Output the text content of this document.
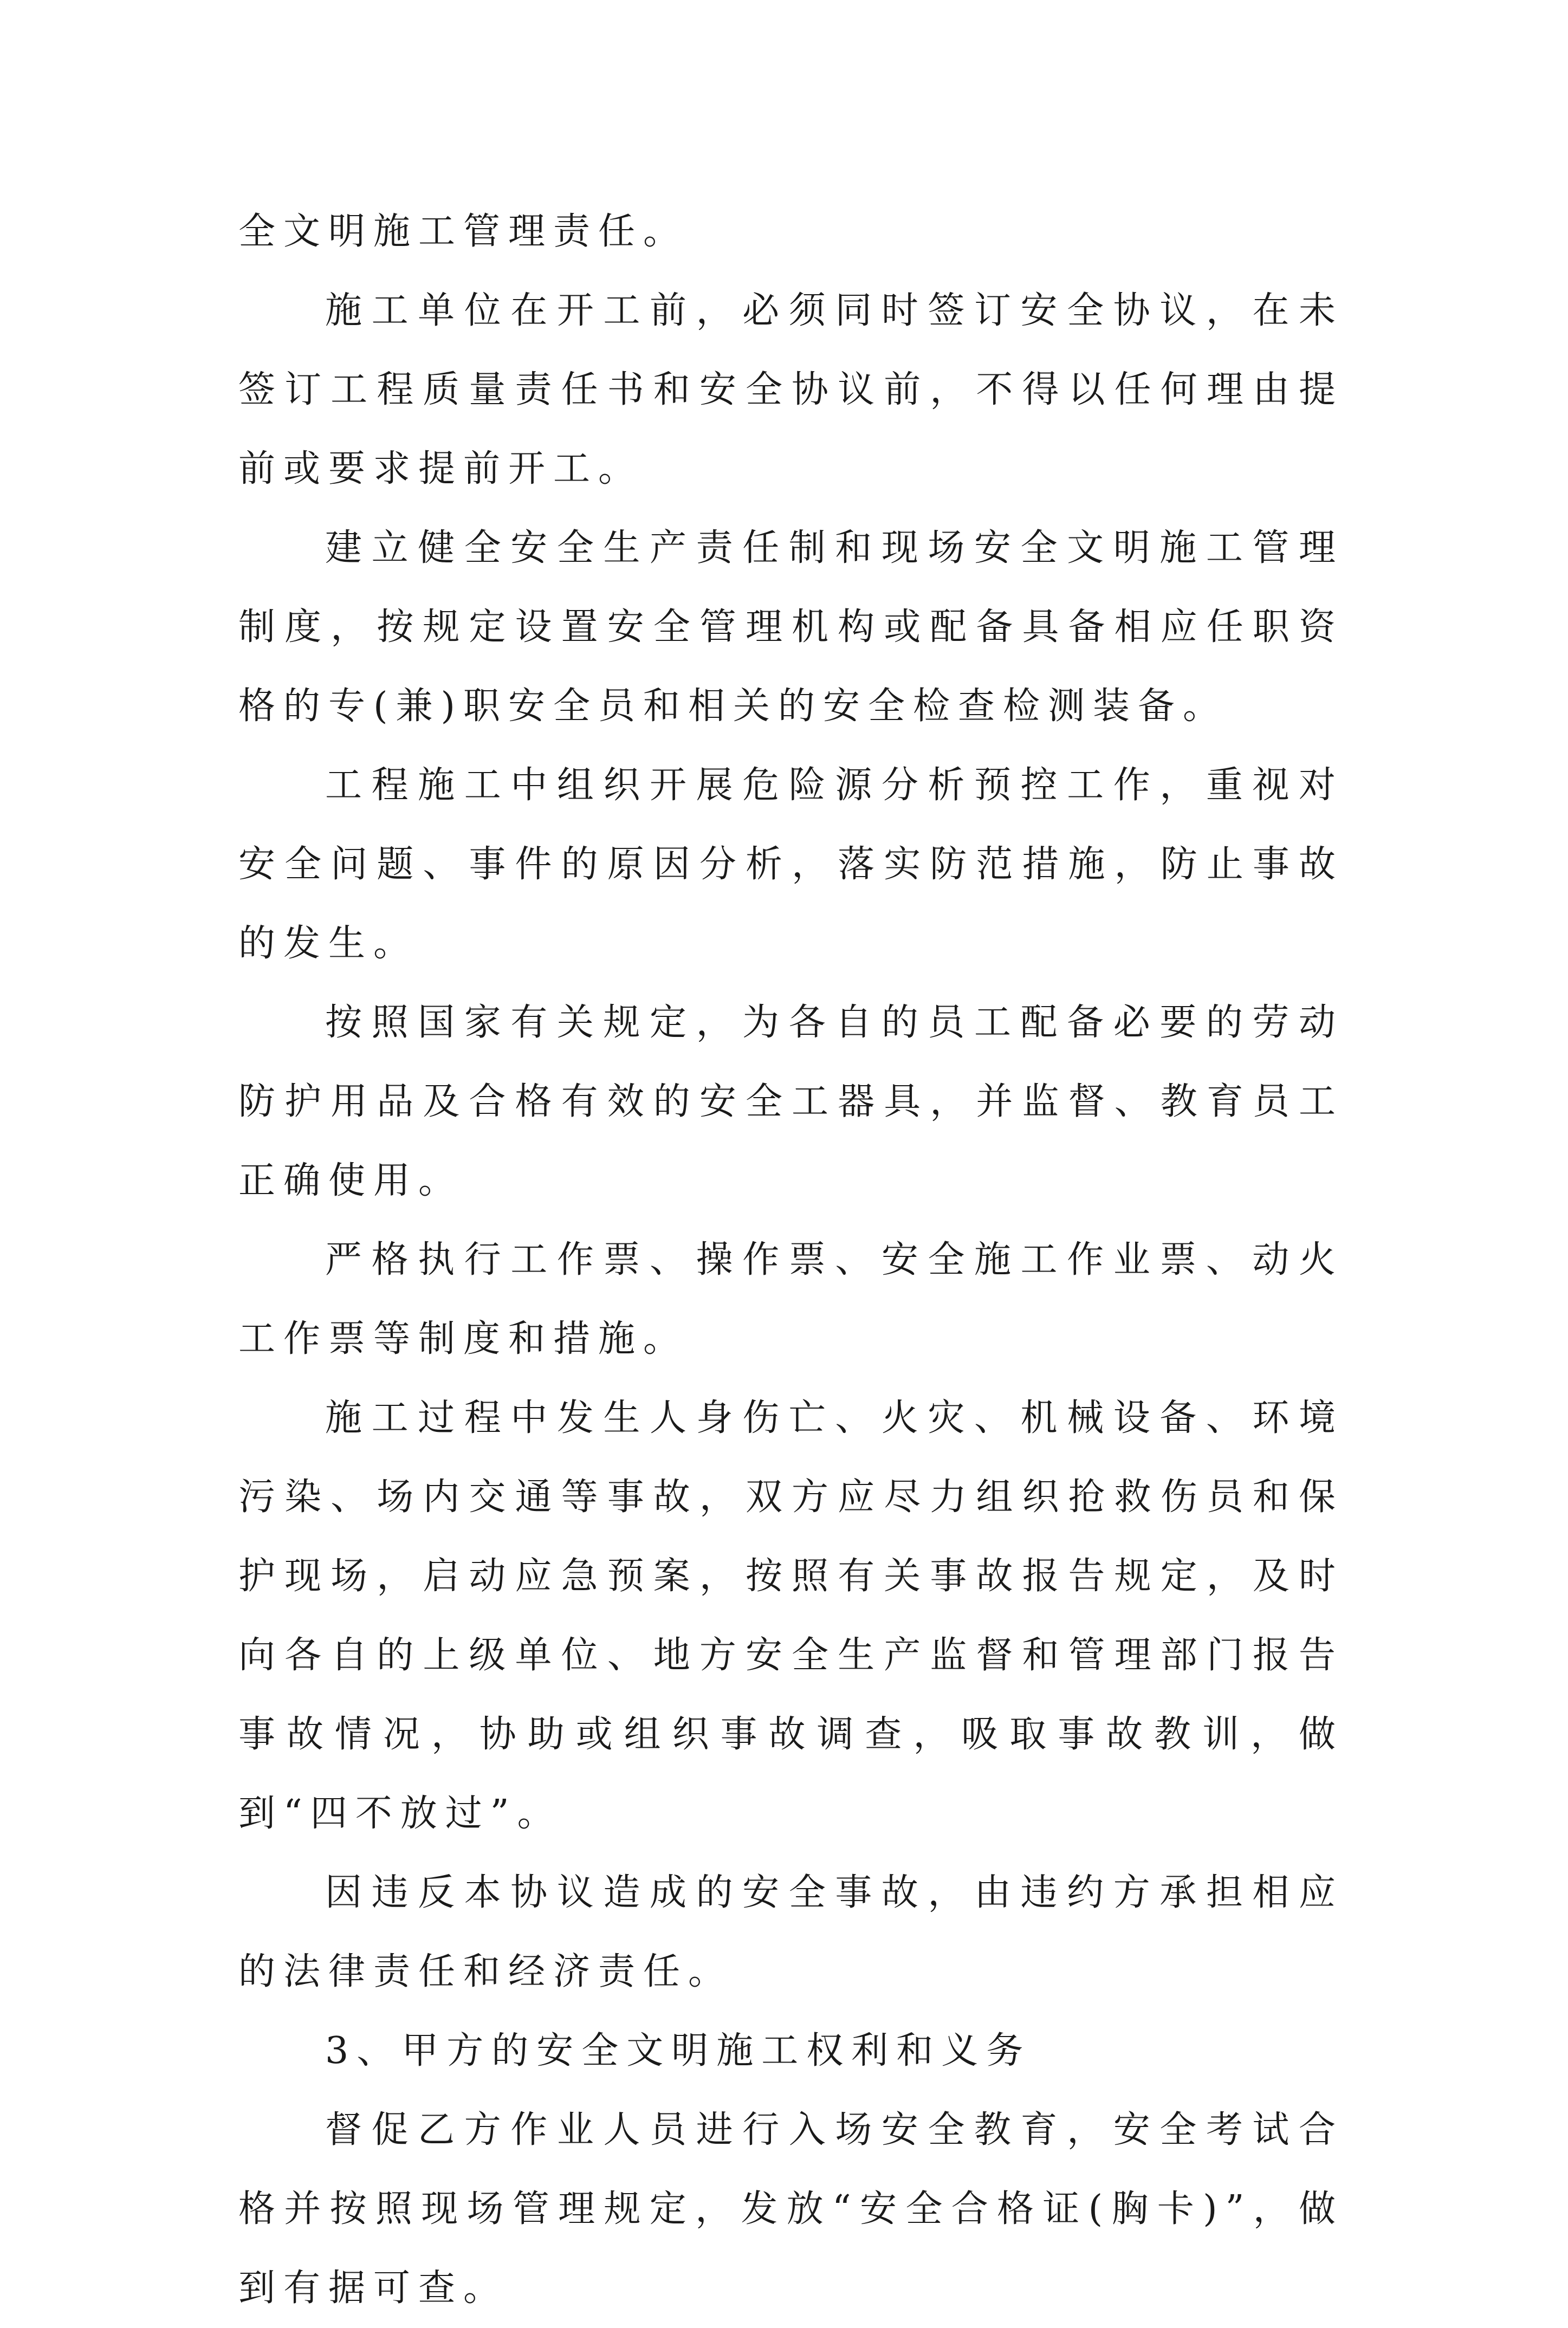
全文明施工管理责任。

施工单位在开工前，必须同时签订安全协议，在未签订工程质量责任书和安全协议前，不得以任何理由提前或要求提前开工。

建立健全安全生产责任制和现场安全文明施工管理制度，按规定设置安全管理机构或配备具备相应任职资格的专(兼)职安全员和相关的安全检查检测装备。

工程施工中组织开展危险源分析预控工作，重视对安全问题、事件的原因分析，落实防范措施，防止事故的发生。

按照国家有关规定，为各自的员工配备必要的劳动防护用品及合格有效的安全工器具，并监督、教育员工正确使用。

严格执行工作票、操作票、安全施工作业票、动火工作票等制度和措施。

施工过程中发生人身伤亡、火灾、机械设备、环境污染、场内交通等事故，双方应尽力组织抢救伤员和保护现场，启动应急预案，按照有关事故报告规定，及时向各自的上级单位、地方安全生产监督和管理部门报告事故情况，协助或组织事故调查，吸取事故教训，做到“四不放过”。

因违反本协议造成的安全事故，由违约方承担相应的法律责任和经济责任。

3、甲方的安全文明施工权利和义务

督促乙方作业人员进行入场安全教育，安全考试合格并按照现场管理规定，发放“安全合格证(胸卡)”，做到有据可查。
